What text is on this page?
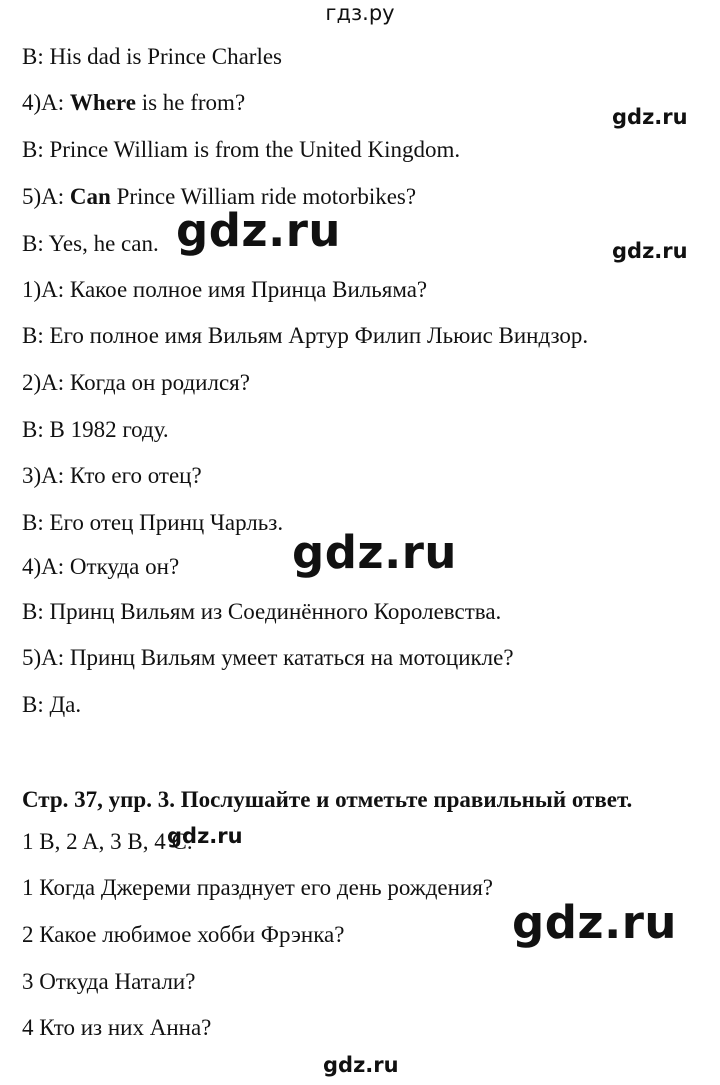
гдз.ру
B: His dad is Prince Charles
4)A: Where is he from?
B: Prince William is from the United Kingdom.
5)A: Can Prince William ride motorbikes?
B: Yes, he can.
1)A: Какое полное имя Принца Вильяма?
B: Его полное имя Вильям Артур Филип Льюис Виндзор.
2)A: Когда он родился?
B: В 1982 году.
3)A: Кто его отец?
B: Его отец Принц Чарльз.
4)A: Откуда он?
B: Принц Вильям из Соединённого Королевства.
5)A: Принц Вильям умеет кататься на мотоцикле?
B: Да.
Стр. 37, упр. 3. Послушайте и отметьте правильный ответ.
1 B, 2 A, 3 B, 4 C.
1 Когда Джереми празднует его день рождения?
2 Какое любимое хобби Фрэнка?
3 Откуда Натали?
4 Кто из них Анна?
gdz.ru
gdz.ru	gdz.ru
gdz.ru
gdz.ru
gdz.ru
gdz.ru
